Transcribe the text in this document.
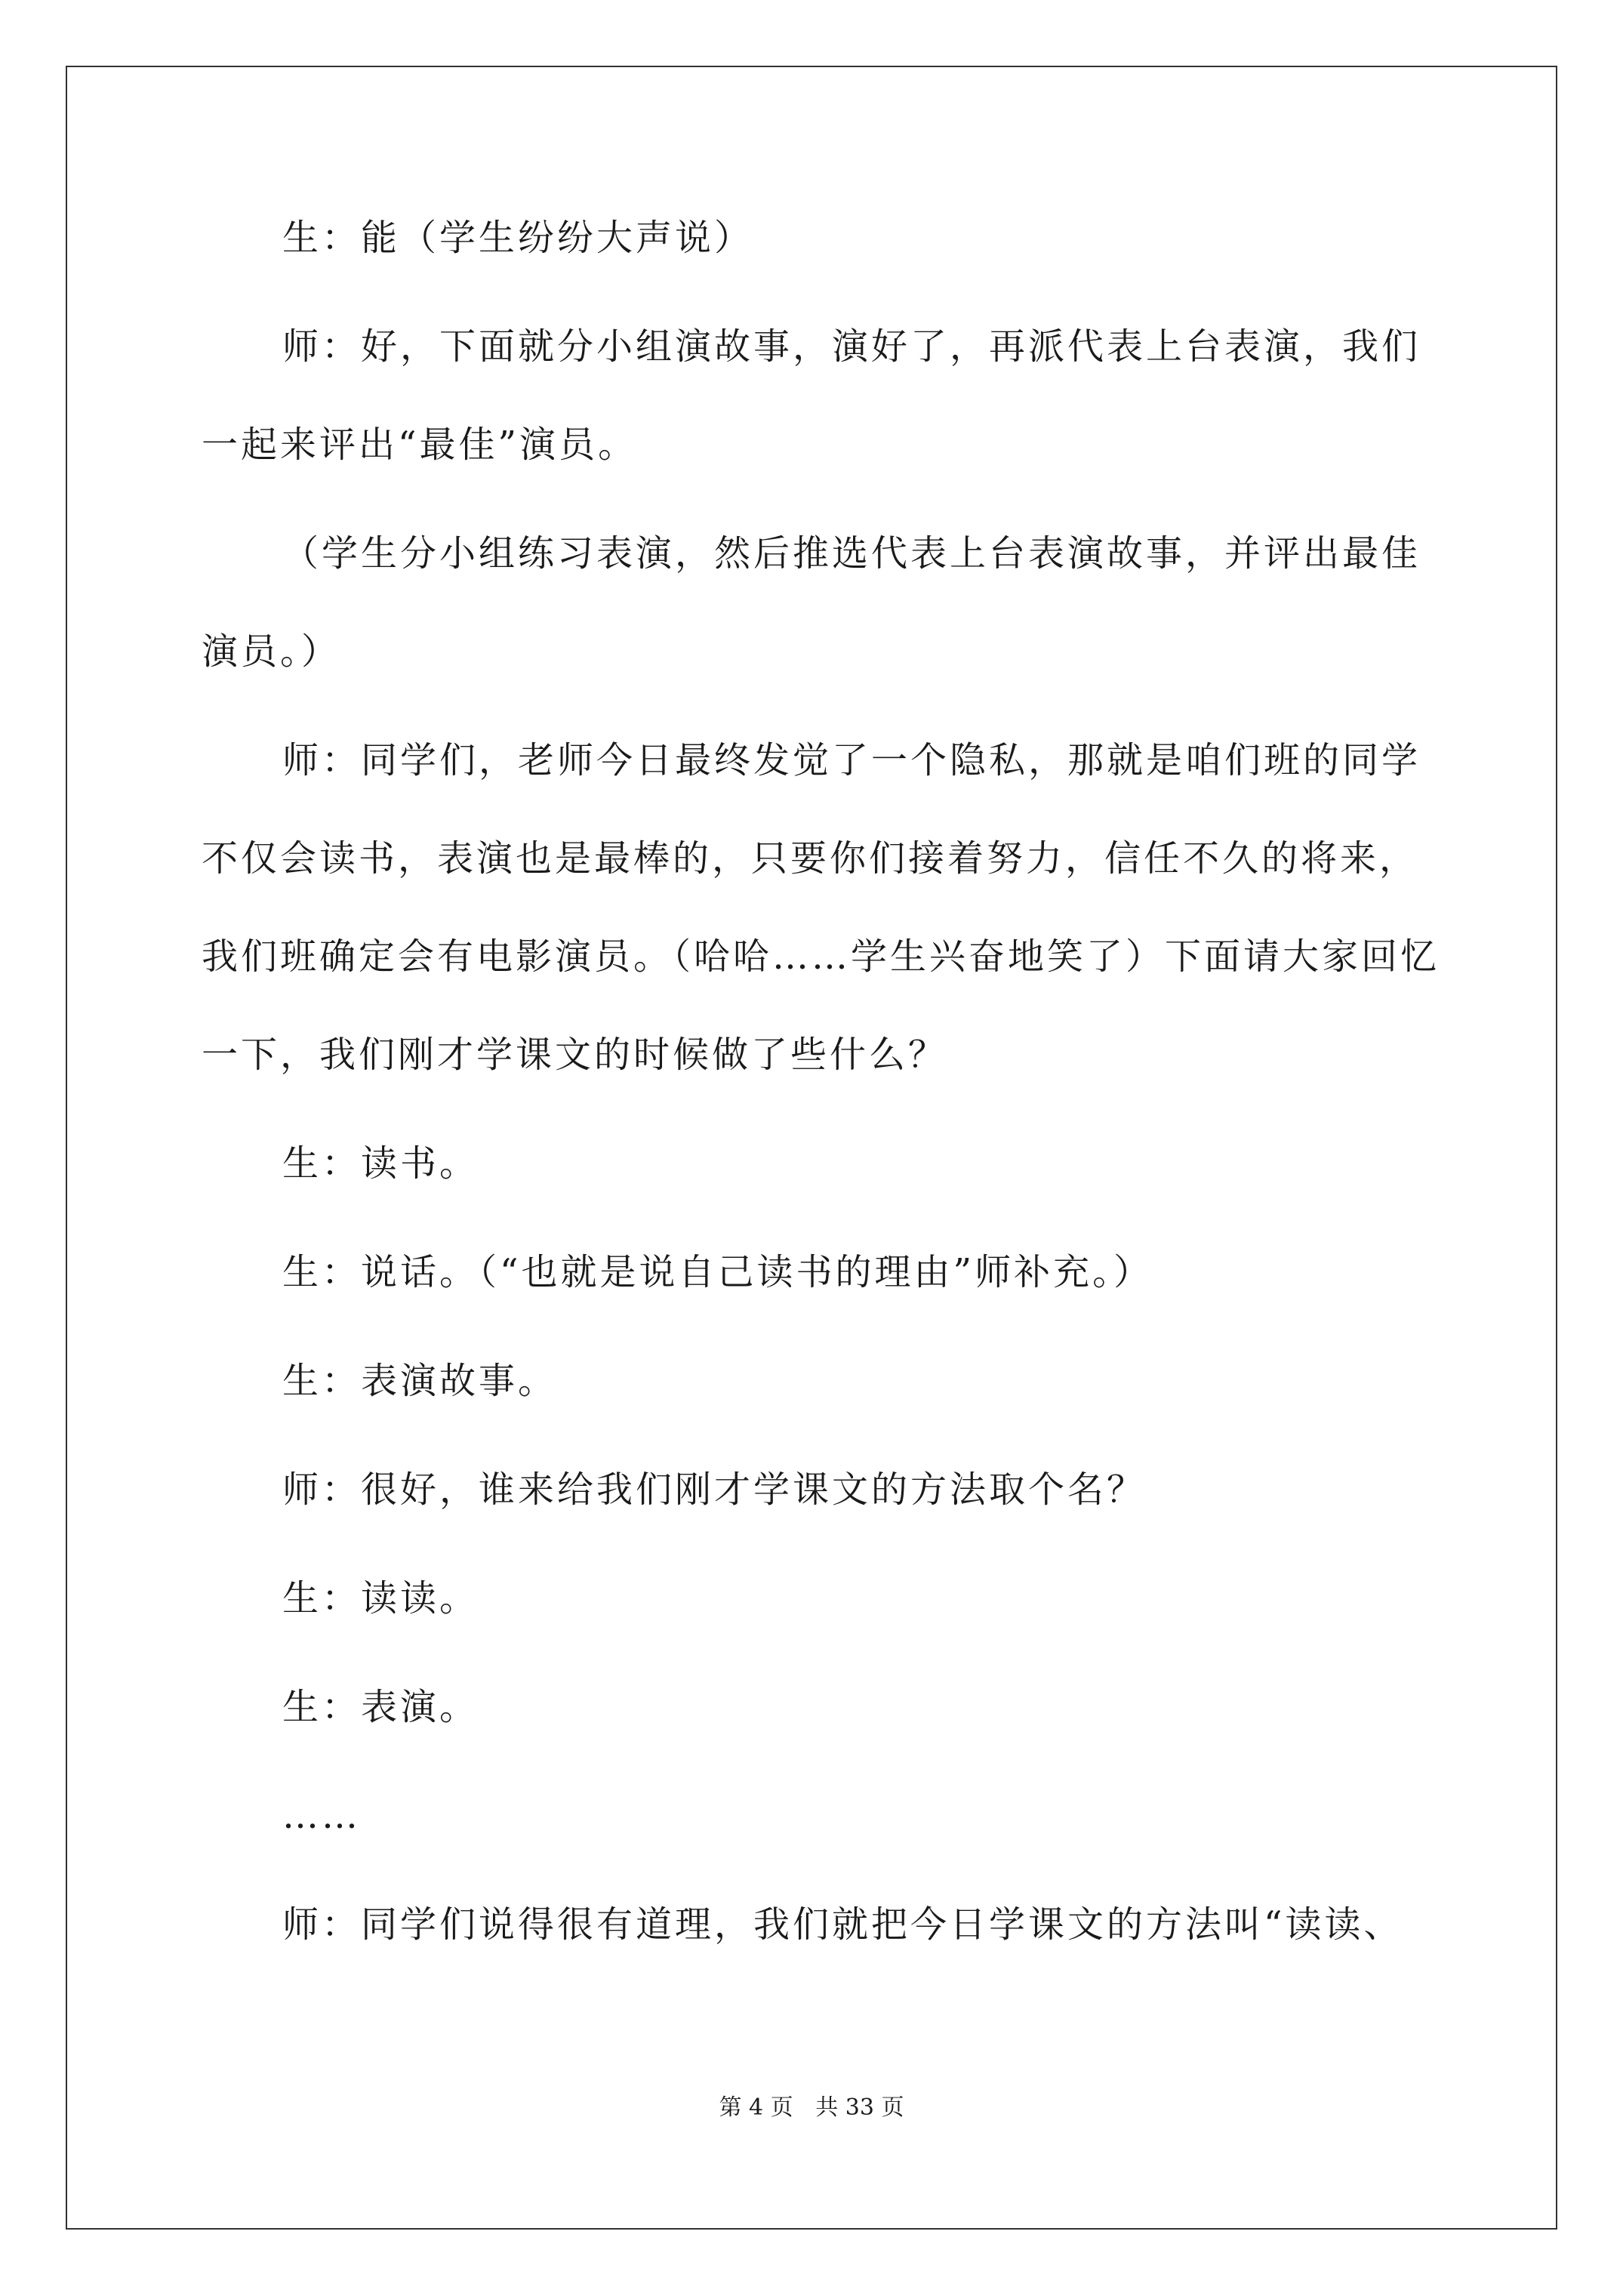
生：能（学生纷纷大声说）

师：好，下面就分小组演故事，演好了，再派代表上台表演，我们一起来评出“最佳”演员。

（学生分小组练习表演，然后推选代表上台表演故事，并评出最佳演员。）

师：同学们，老师今日最终发觉了一个隐私，那就是咱们班的同学不仅会读书，表演也是最棒的，只要你们接着努力，信任不久的将来，我们班确定会有电影演员。（哈哈……学生兴奋地笑了）下面请大家回忆一下，我们刚才学课文的时候做了些什么？

生：读书。

生：说话。（“也就是说自己读书的理由”师补充。）

生：表演故事。

师：很好，谁来给我们刚才学课文的方法取个名？

生：读读。

生：表演。

……

师：同学们说得很有道理，我们就把今日学课文的方法叫“读读、

第 4 页 共 33 页
